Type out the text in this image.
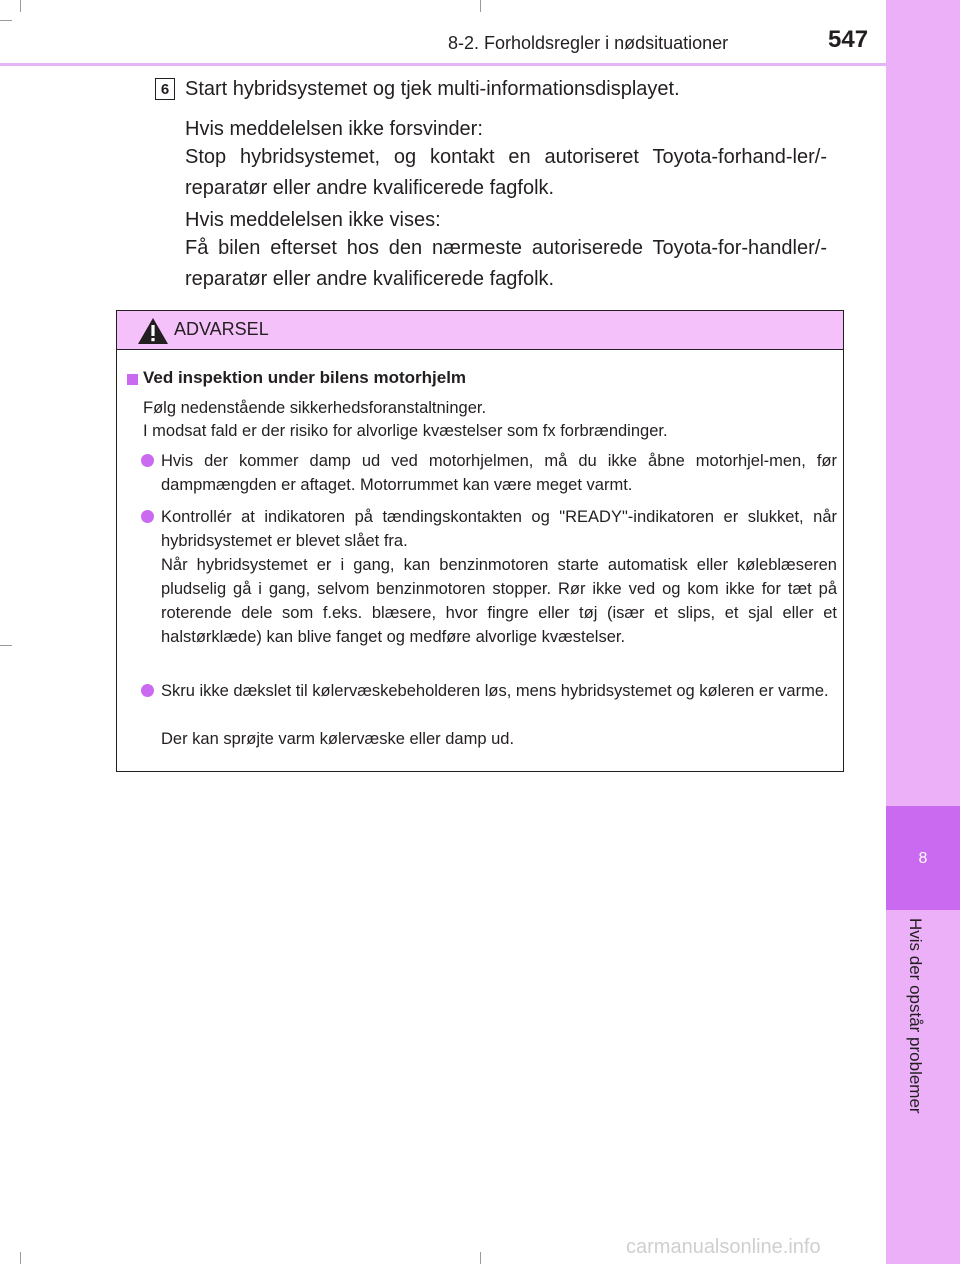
8-2. Forholdsregler i nødsituationer	547
8
Hvis der opstår problemer
6 Start hybridsystemet og tjek multi-informationsdisplayet.
Hvis meddelelsen ikke forsvinder:
Stop hybridsystemet, og kontakt en autoriseret Toyota-forhand-ler/-reparatør eller andre kvalificerede fagfolk.
Hvis meddelelsen ikke vises:
Få bilen efterset hos den nærmeste autoriserede Toyota-for-handler/-reparatør eller andre kvalificerede fagfolk.
ADVARSEL
Ved inspektion under bilens motorhjelm
Følg nedenstående sikkerhedsforanstaltninger.
I modsat fald er der risiko for alvorlige kvæstelser som fx forbrændinger.
Hvis der kommer damp ud ved motorhjelmen, må du ikke åbne motorhjel-men, før dampmængden er aftaget. Motorrummet kan være meget varmt.
Kontrollér at indikatoren på tændingskontakten og "READY"-indikatoren er slukket, når hybridsystemet er blevet slået fra.
Når hybridsystemet er i gang, kan benzinmotoren starte automatisk eller køleblæseren pludselig gå i gang, selvom benzinmotoren stopper. Rør ikke ved og kom ikke for tæt på roterende dele som f.eks. blæsere, hvor fingre eller tøj (især et slips, et sjal eller et halstørklæde) kan blive fanget og medføre alvorlige kvæstelser.
Skru ikke dækslet til kølervæskebeholderen løs, mens hybridsystemet og køleren er varme.
Der kan sprøjte varm kølervæske eller damp ud.
carmanualsonline.info
